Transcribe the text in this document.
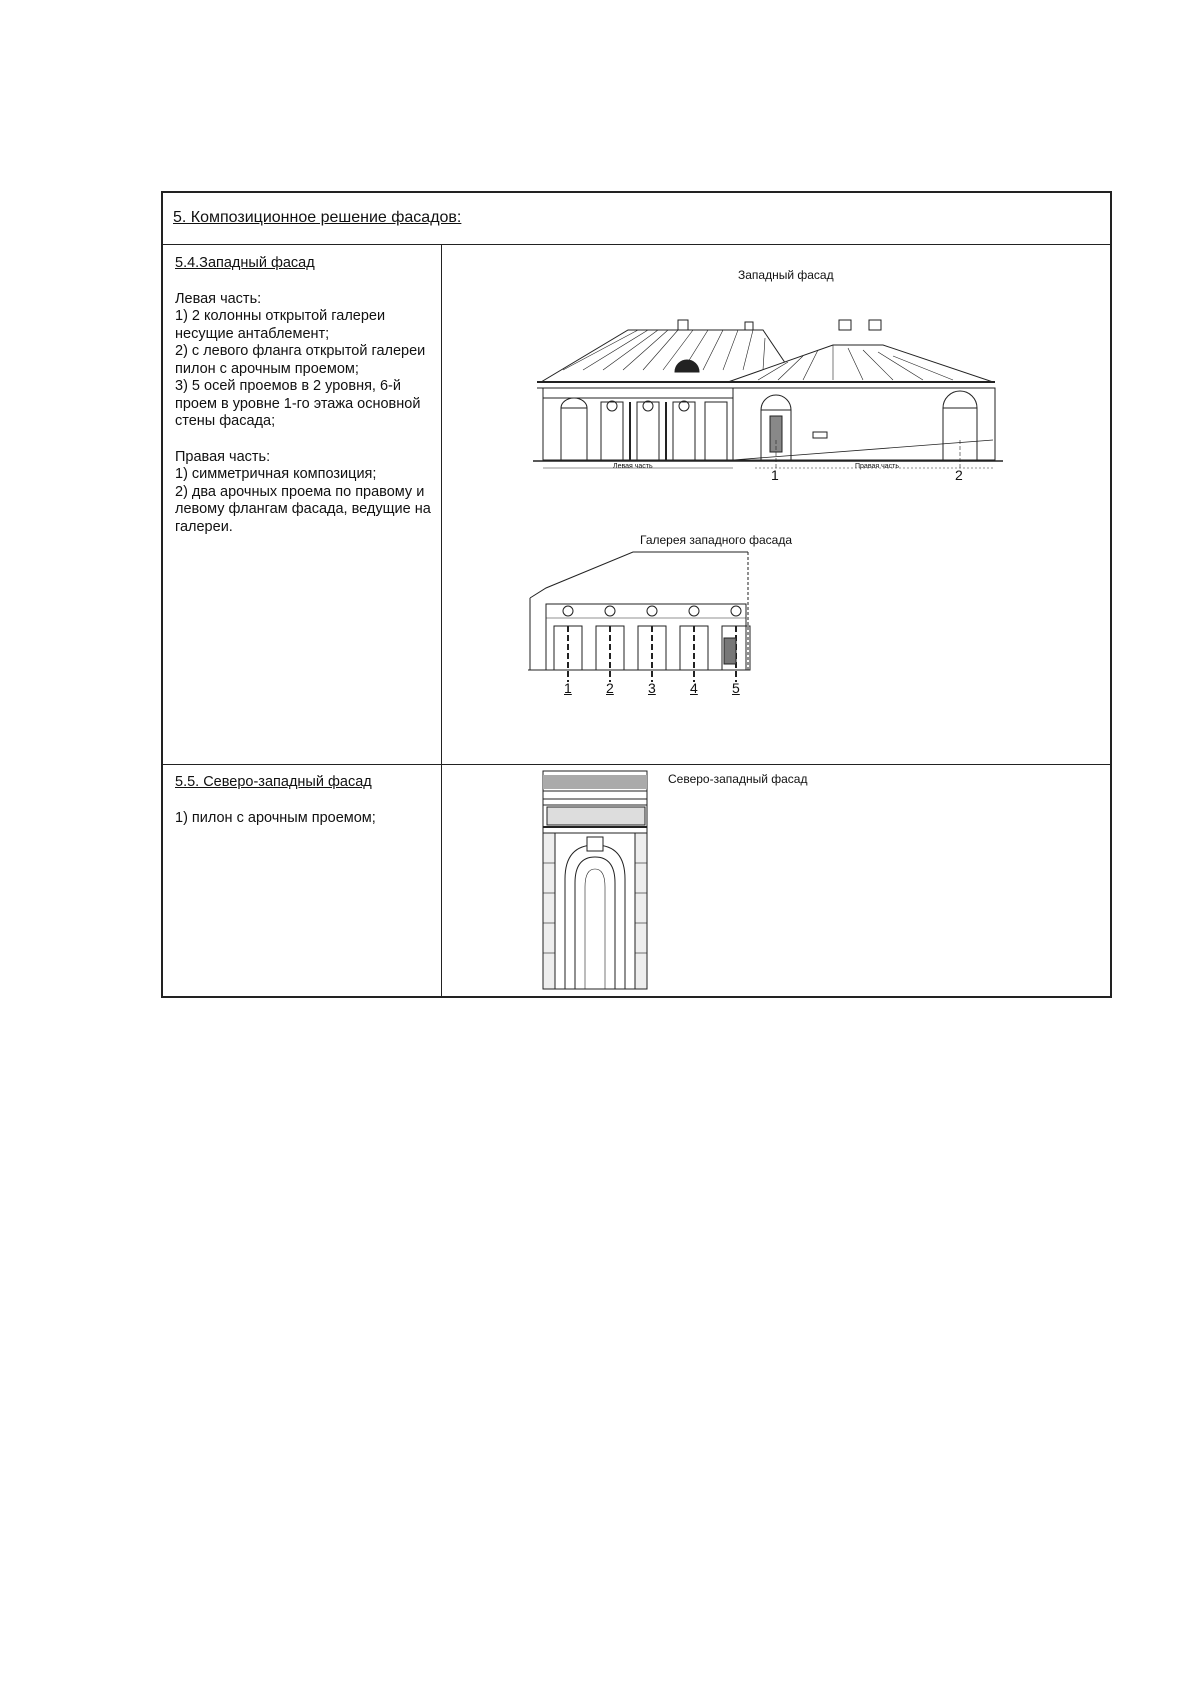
5. Композиционное решение фасадов:
5.4.Западный фасад
Левая часть:
1) 2 колонны открытой галереи несущие антаблемент;
2) с левого фланга открытой галереи пилон с арочным проемом;
3) 5 осей проемов в 2 уровня, 6-й проем в уровне 1-го этажа основной стены фасада;
Правая часть:
1) симметричная композиция;
2) два арочных проема по правому и левому флангам фасада, ведущие на галереи.
Западный фасад
Левая часть	Правая часть
1	2
Галерея западного фасада
1 2 3 4 5
5.5. Северо-западный фасад
1) пилон с арочным проемом;
Северо-западный фасад
